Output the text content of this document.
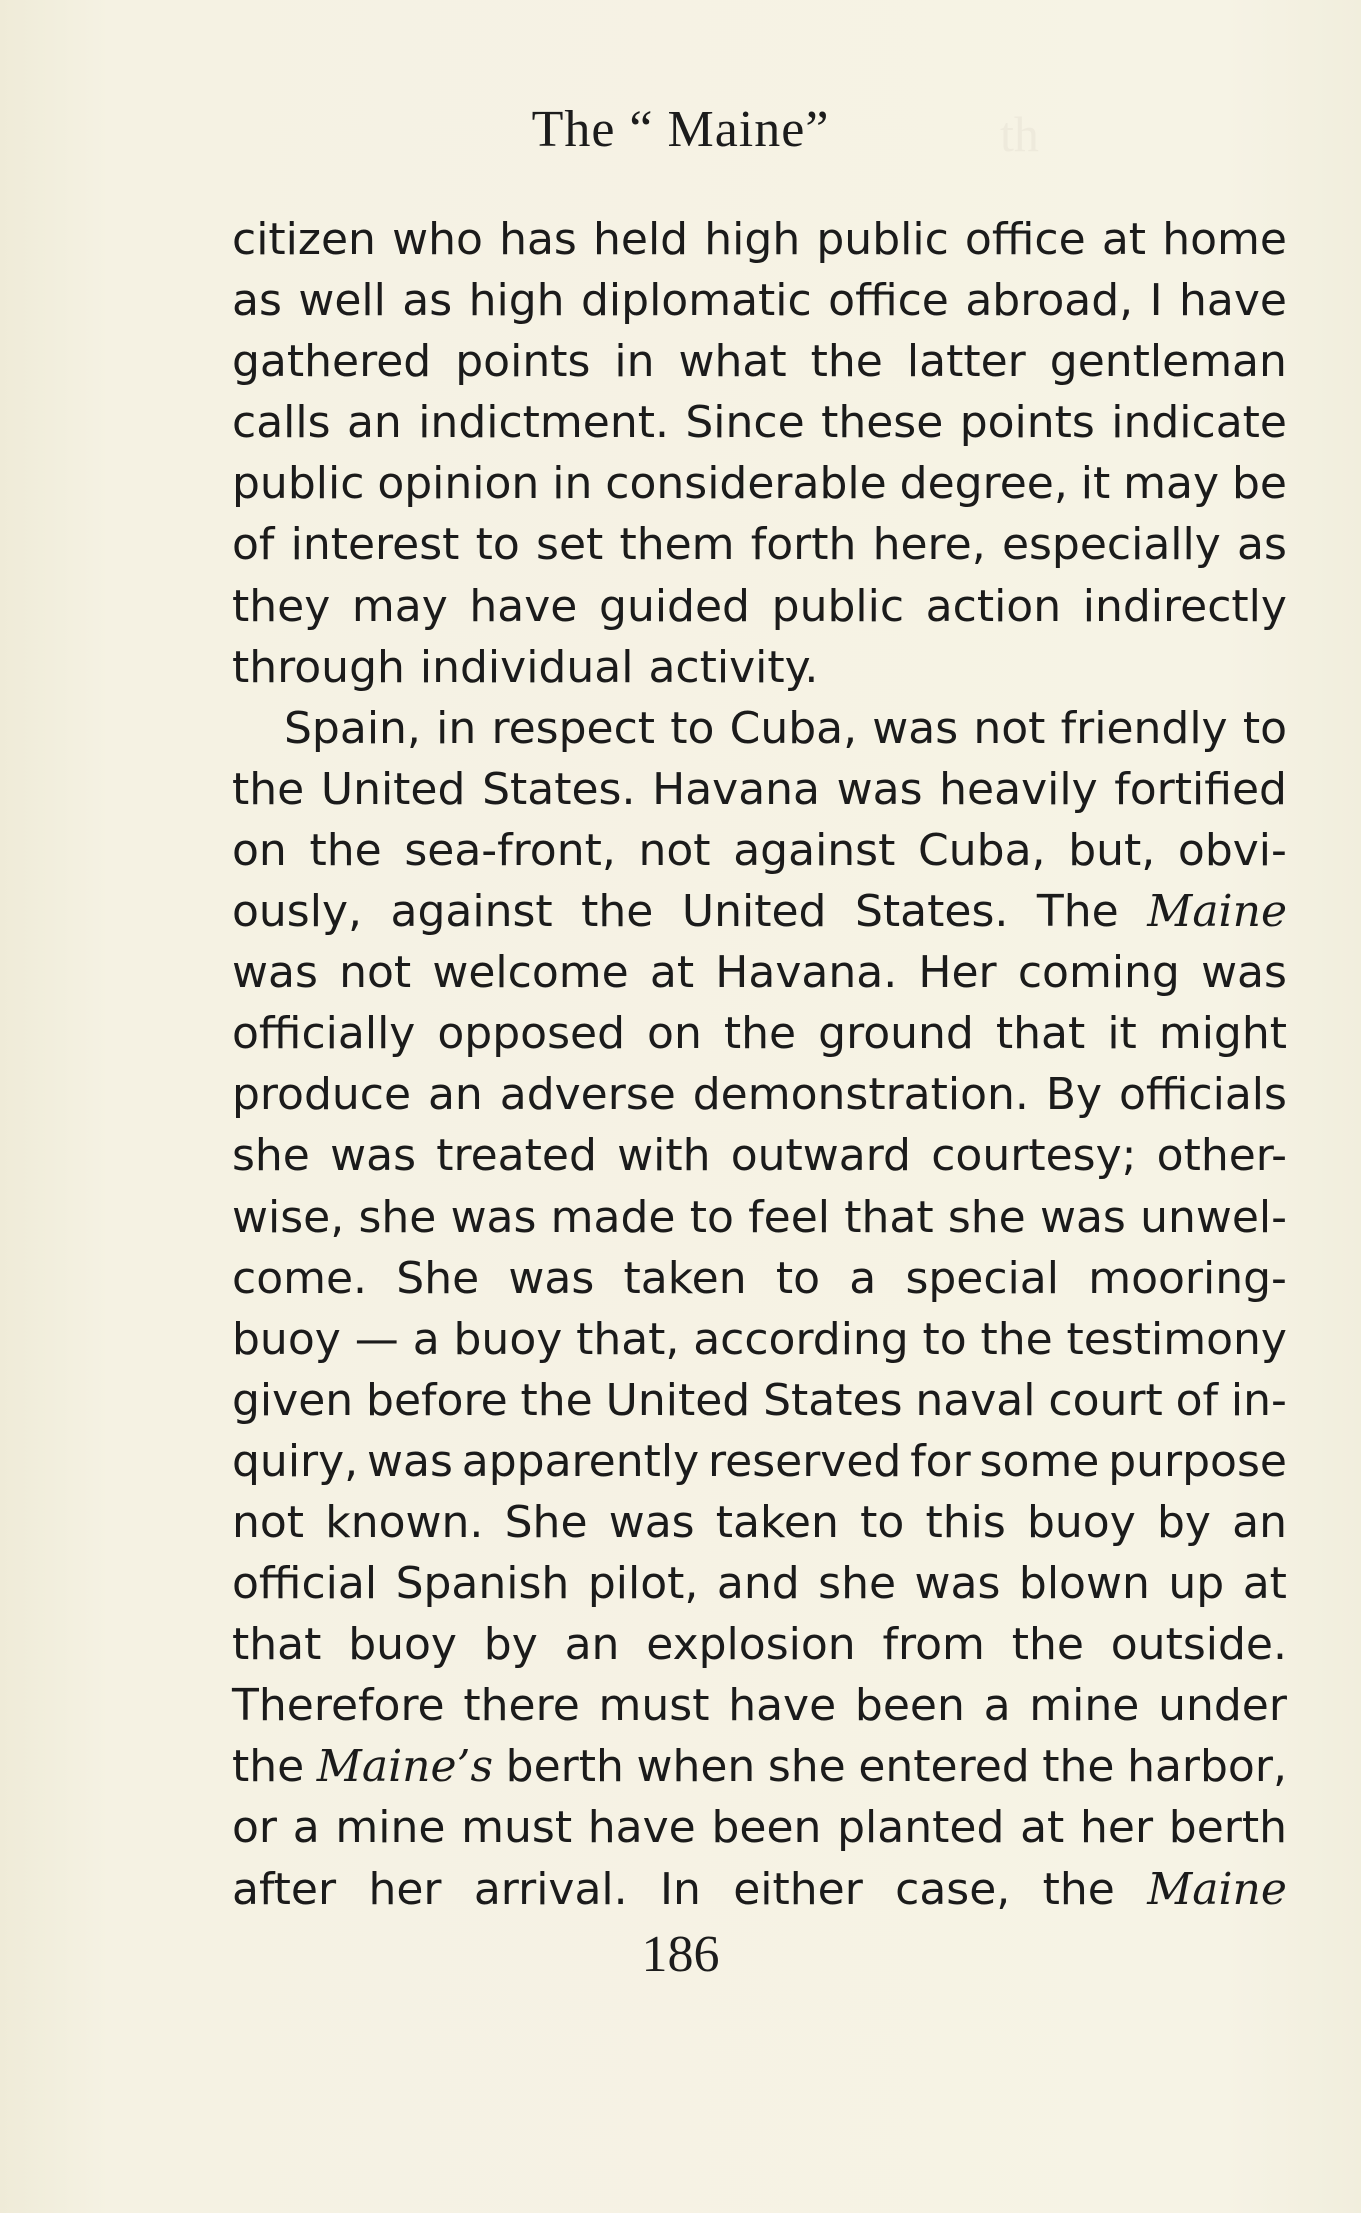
th
The “ Maine”
citizen who has held high public office at home
as well as high diplomatic office abroad, I have
gathered points in what the latter gentleman
calls an indictment. Since these points indicate
public opinion in considerable degree, it may be
of interest to set them forth here, especially as
they may have guided public action indirectly
through individual activity.
Spain, in respect to Cuba, was not friendly to
the United States. Havana was heavily fortified
on the sea-front, not against Cuba, but, obvi-
ously, against the United States. The Maine
was not welcome at Havana. Her coming was
officially opposed on the ground that it might
produce an adverse demonstration. By officials
she was treated with outward courtesy; other-
wise, she was made to feel that she was unwel-
come. She was taken to a special mooring-
buoy — a buoy that, according to the testimony
given before the United States naval court of in-
quiry, was apparently reserved for some purpose
not known. She was taken to this buoy by an
official Spanish pilot, and she was blown up at
that buoy by an explosion from the outside.
Therefore there must have been a mine under
the Maine’s berth when she entered the harbor,
or a mine must have been planted at her berth
after her arrival. In either case, the Maine
186
